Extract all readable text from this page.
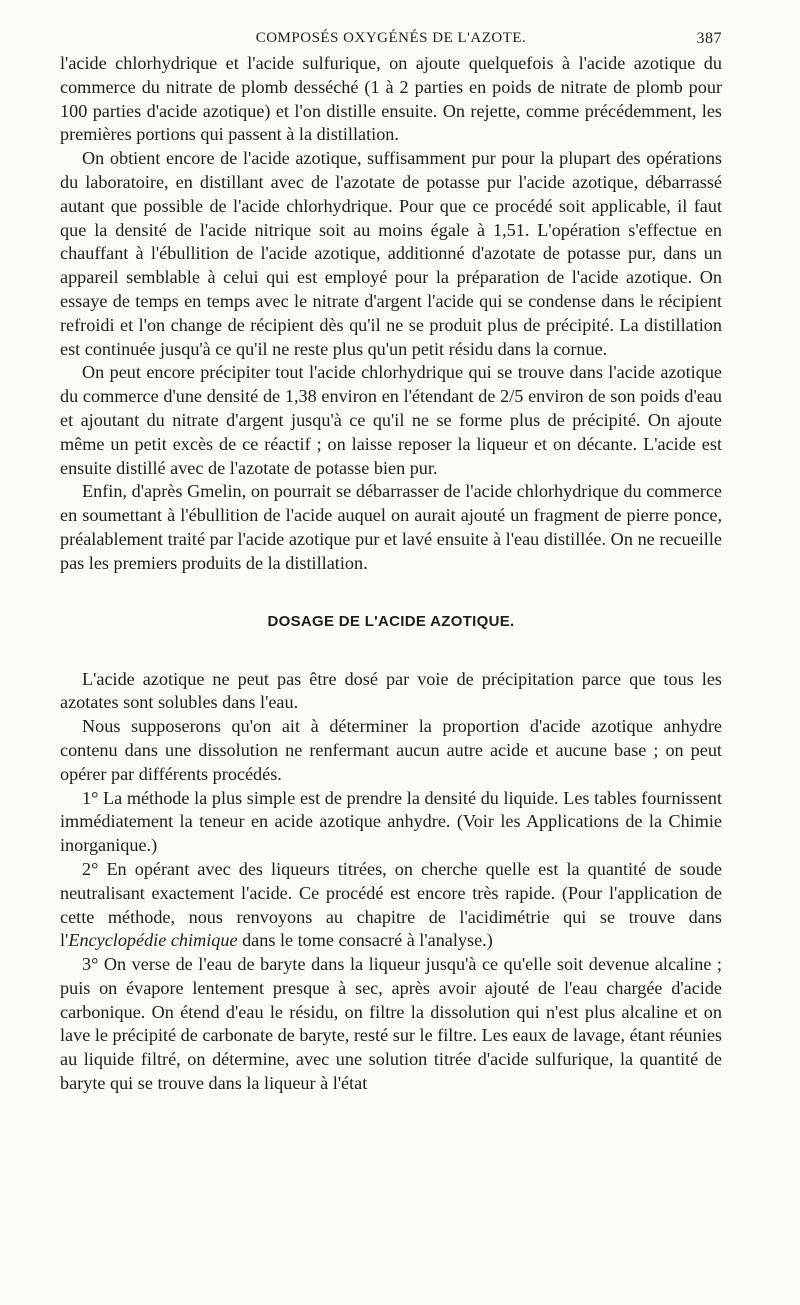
COMPOSÉS OXYGÉNÉS DE L'AZOTE.	387

l'acide chlorhydrique et l'acide sulfurique, on ajoute quelquefois à l'acide azotique du commerce du nitrate de plomb desséché (1 à 2 parties en poids de nitrate de plomb pour 100 parties d'acide azotique) et l'on distille ensuite. On rejette, comme précédemment, les premières portions qui passent à la distillation.

On obtient encore de l'acide azotique, suffisamment pur pour la plupart des opérations du laboratoire, en distillant avec de l'azotate de potasse pur l'acide azotique, débarrassé autant que possible de l'acide chlorhydrique. Pour que ce procédé soit applicable, il faut que la densité de l'acide nitrique soit au moins égale à 1,51. L'opération s'effectue en chauffant à l'ébullition de l'acide azotique, additionné d'azotate de potasse pur, dans un appareil semblable à celui qui est employé pour la préparation de l'acide azotique. On essaye de temps en temps avec le nitrate d'argent l'acide qui se condense dans le récipient refroidi et l'on change de récipient dès qu'il ne se produit plus de précipité. La distillation est continuée jusqu'à ce qu'il ne reste plus qu'un petit résidu dans la cornue.

On peut encore précipiter tout l'acide chlorhydrique qui se trouve dans l'acide azotique du commerce d'une densité de 1,38 environ en l'étendant de 2/5 environ de son poids d'eau et ajoutant du nitrate d'argent jusqu'à ce qu'il ne se forme plus de précipité. On ajoute même un petit excès de ce réactif ; on laisse reposer la liqueur et on décante. L'acide est ensuite distillé avec de l'azotate de potasse bien pur.

Enfin, d'après Gmelin, on pourrait se débarrasser de l'acide chlorhydrique du commerce en soumettant à l'ébullition de l'acide auquel on aurait ajouté un fragment de pierre ponce, préalablement traité par l'acide azotique pur et lavé ensuite à l'eau distillée. On ne recueille pas les premiers produits de la distillation.

DOSAGE DE L'ACIDE AZOTIQUE.

L'acide azotique ne peut pas être dosé par voie de précipitation parce que tous les azotates sont solubles dans l'eau.

Nous supposerons qu'on ait à déterminer la proportion d'acide azotique anhydre contenu dans une dissolution ne renfermant aucun autre acide et aucune base ; on peut opérer par différents procédés.

1° La méthode la plus simple est de prendre la densité du liquide. Les tables fournissent immédiatement la teneur en acide azotique anhydre. (Voir les Applications de la Chimie inorganique.)

2° En opérant avec des liqueurs titrées, on cherche quelle est la quantité de soude neutralisant exactement l'acide. Ce procédé est encore très rapide. (Pour l'application de cette méthode, nous renvoyons au chapitre de l'acidimétrie qui se trouve dans l'Encyclopédie chimique dans le tome consacré à l'analyse.)

3° On verse de l'eau de baryte dans la liqueur jusqu'à ce qu'elle soit devenue alcaline ; puis on évapore lentement presque à sec, après avoir ajouté de l'eau chargée d'acide carbonique. On étend d'eau le résidu, on filtre la dissolution qui n'est plus alcaline et on lave le précipité de carbonate de baryte, resté sur le filtre. Les eaux de lavage, étant réunies au liquide filtré, on détermine, avec une solution titrée d'acide sulfurique, la quantité de baryte qui se trouve dans la liqueur à l'état
